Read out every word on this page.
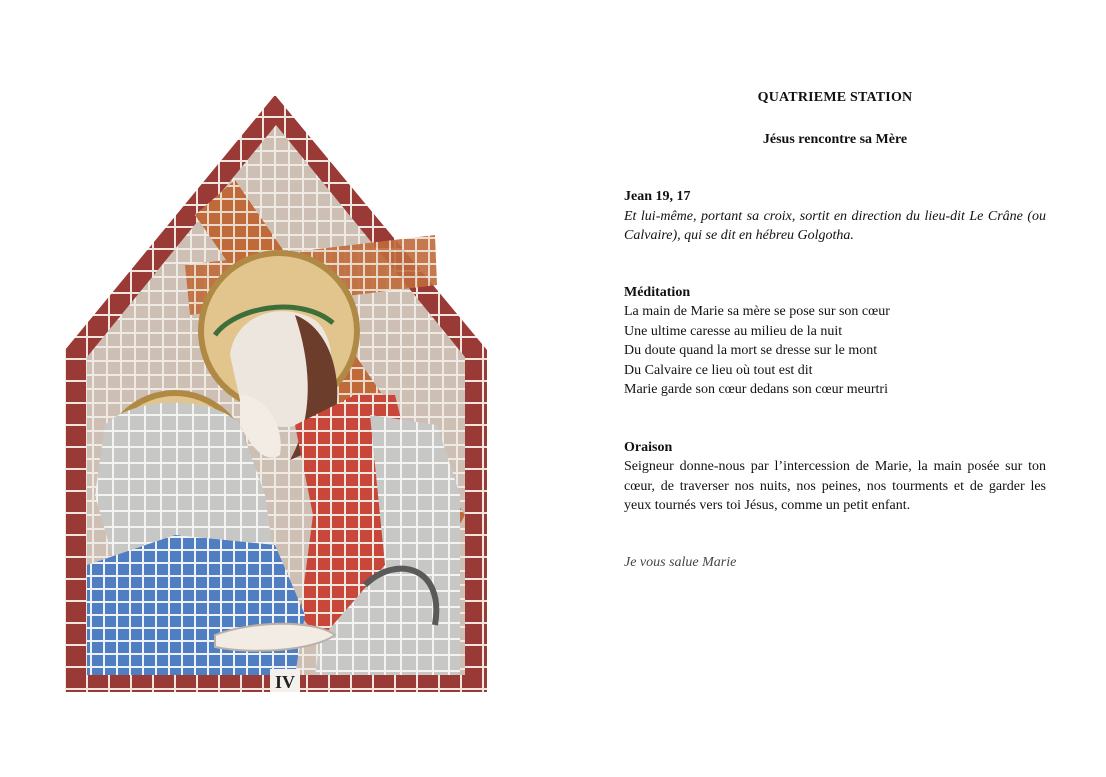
IV

QUATRIEME STATION

Jésus rencontre sa Mère

Jean 19, 17

Et lui-même, portant sa croix, sortit en direction du lieu-dit Le Crâne (ou Calvaire), qui se dit en hébreu Golgotha.

Méditation

La main de Marie sa mère se pose sur son cœur
Une ultime caresse au milieu de la nuit
Du doute quand la mort se dresse sur le mont
Du Calvaire ce lieu où tout est dit
Marie garde son cœur dedans son cœur meurtri

Oraison

Seigneur donne-nous par l’intercession de Marie, la main posée sur ton cœur, de traverser nos nuits, nos peines, nos tourments et de garder les yeux tournés vers toi Jésus, comme un petit enfant.

Je vous salue Marie
